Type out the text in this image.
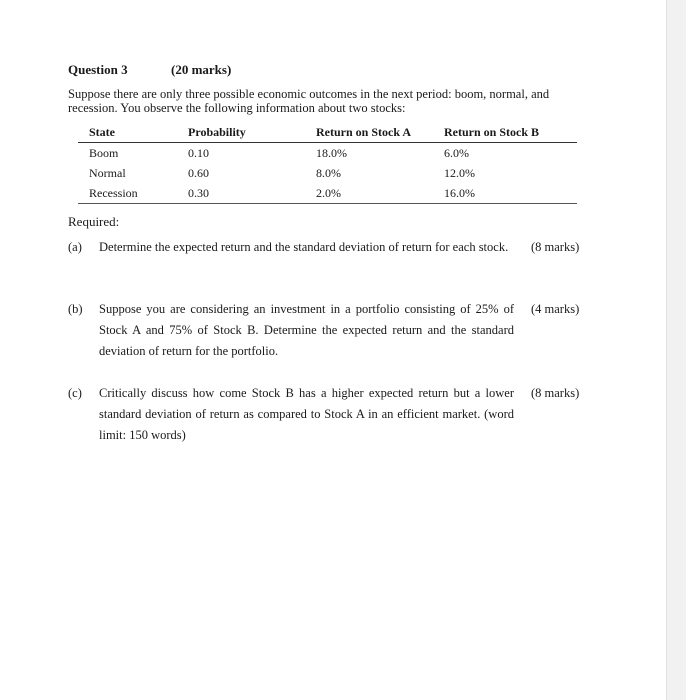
Question 3	(20 marks)
Suppose there are only three possible economic outcomes in the next period: boom, normal, and recession. You observe the following information about two stocks:
State	Probability	Return on Stock A	Return on Stock B
Boom	0.10	18.0%	6.0%
Normal	0.60	8.0%	12.0%
Recession	0.30	2.0%	16.0%
Required:
(a) Determine the expected return and the standard deviation of return for each stock.	(8 marks)
(b) Suppose you are considering an investment in a portfolio consisting of 25% of Stock A and 75% of Stock B. Determine the expected return and the standard deviation of return for the portfolio.
(4 marks)
(c) Critically discuss how come Stock B has a higher expected return but a lower standard deviation of return as compared to Stock A in an efficient market. (word limit: 150 words)
(8 marks)
